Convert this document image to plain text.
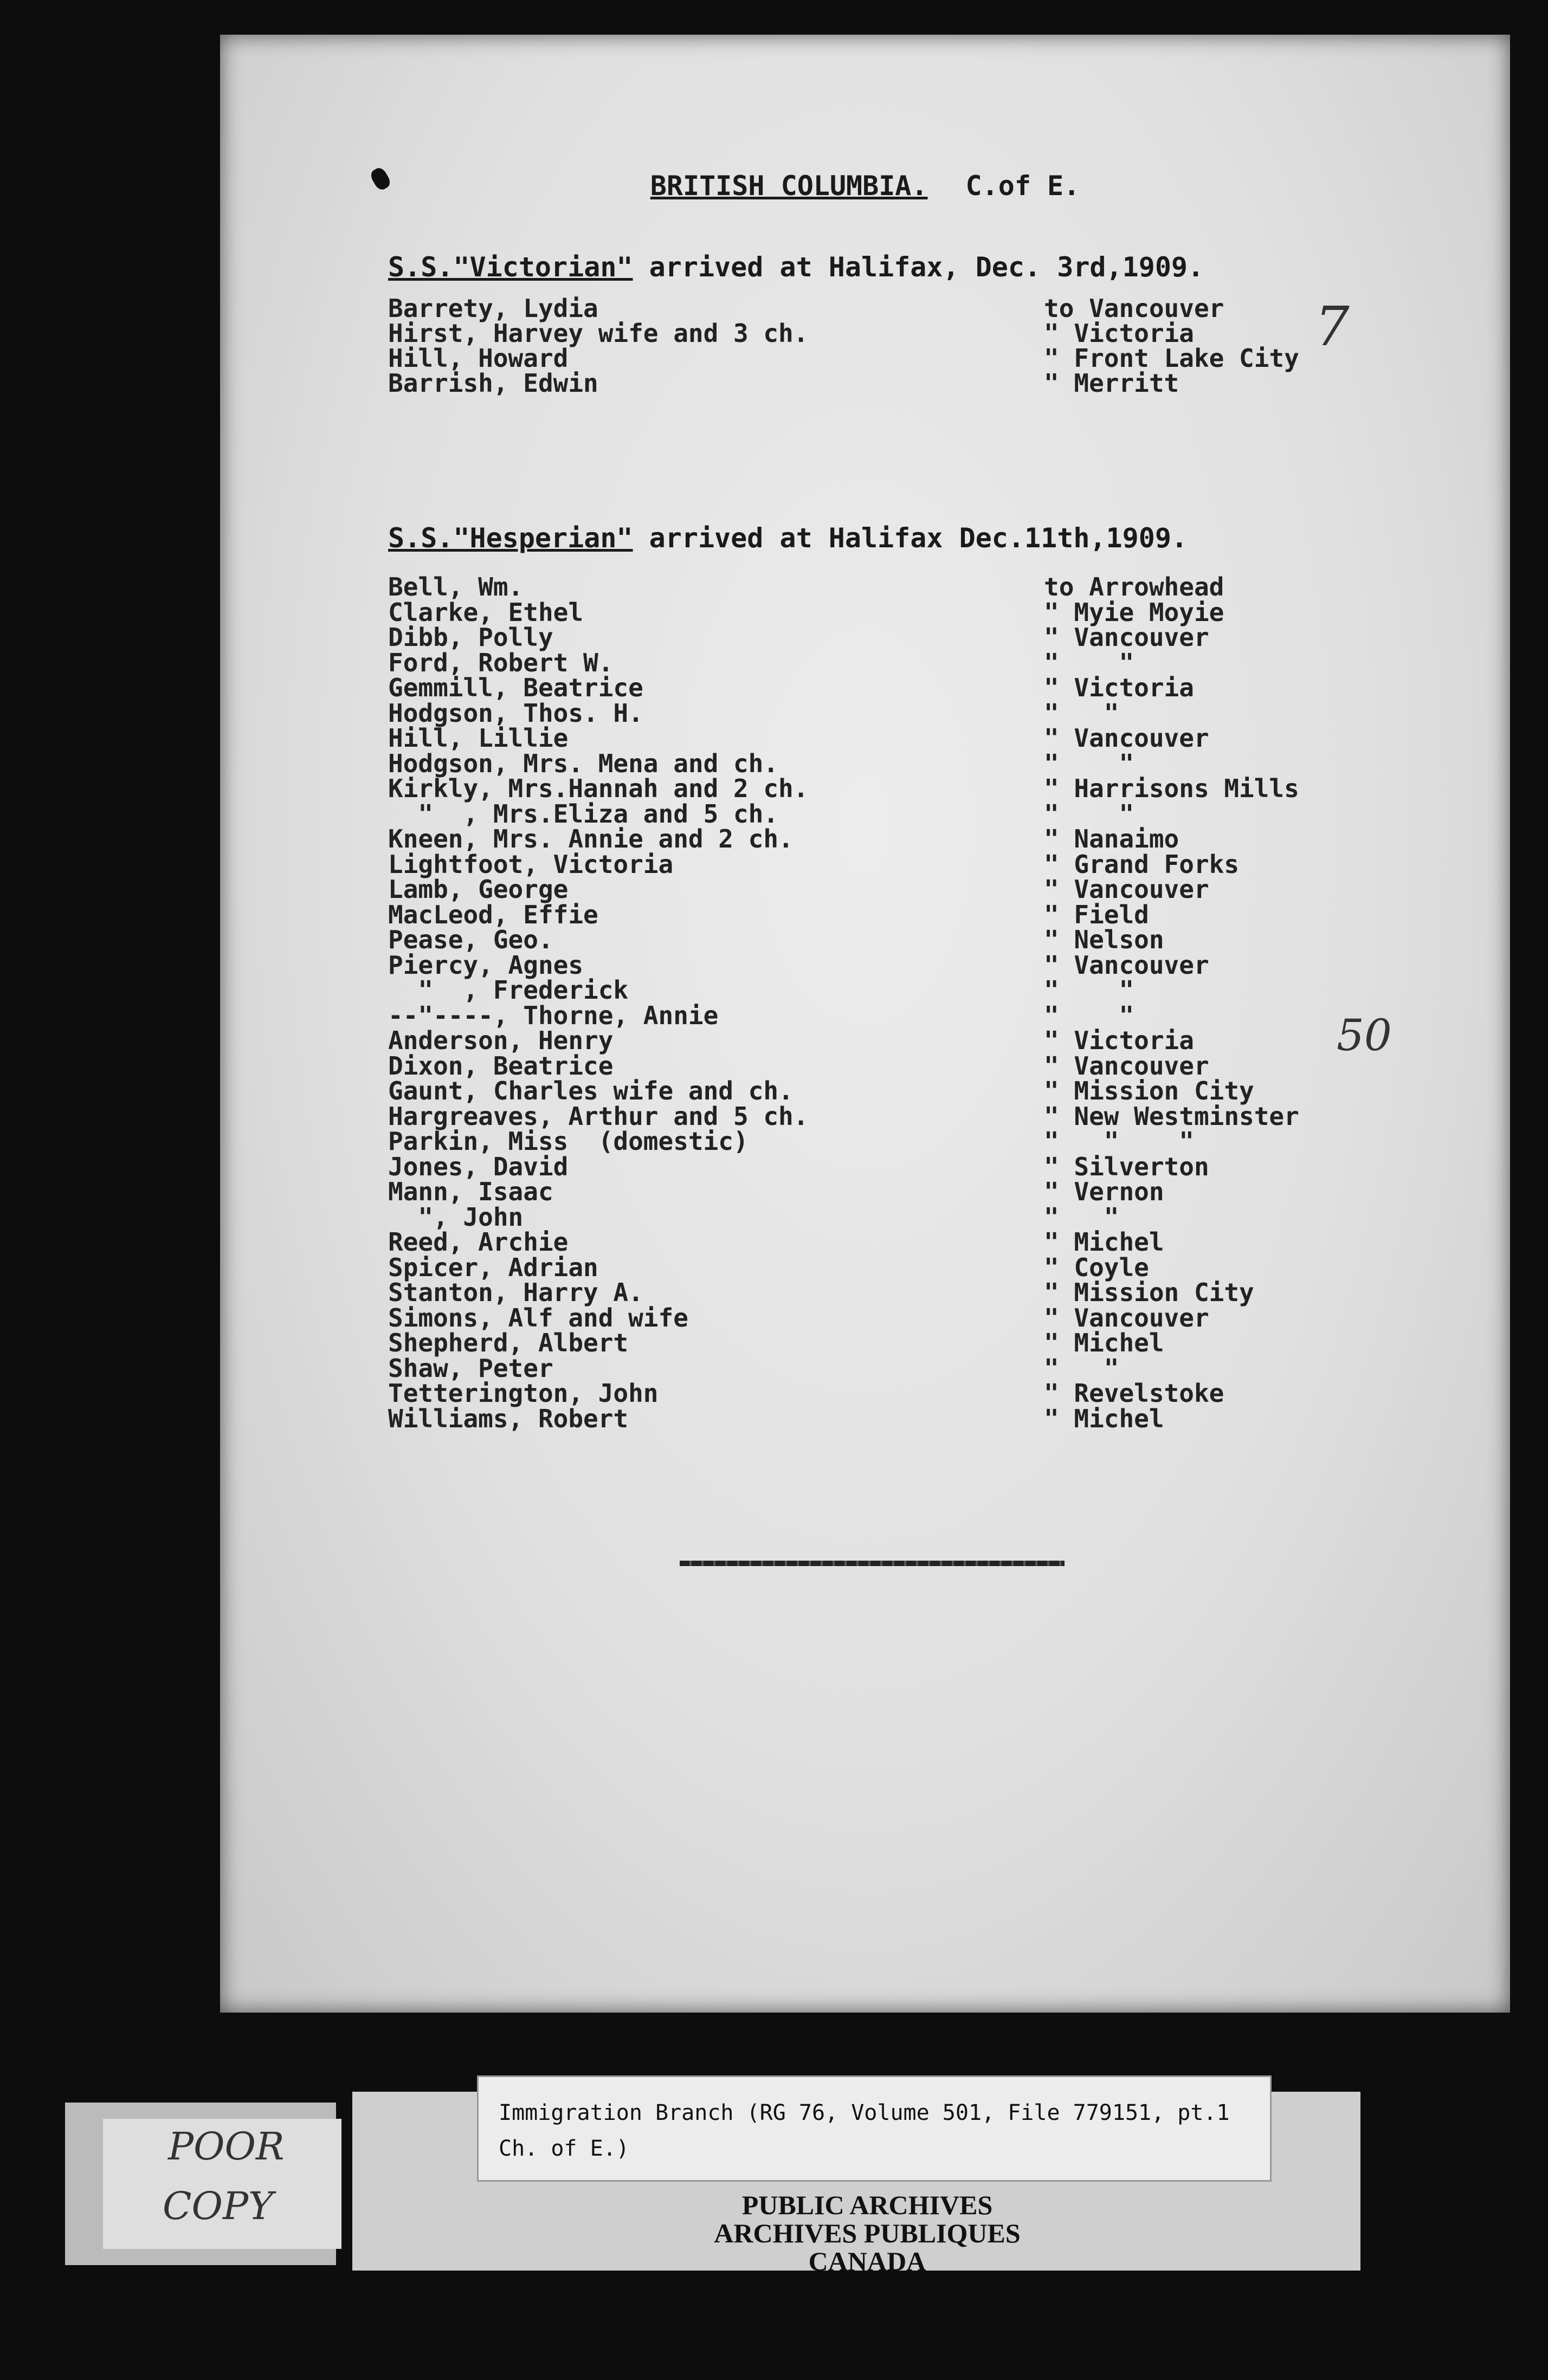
BRITISH COLUMBIA. C.of E.
S.S."Victorian" arrived at Halifax, Dec. 3rd,1909.
7
S.S."Hesperian" arrived at Halifax Dec.11th,1909.
50
Barrety, Lydia	to Vancouver
Hirst, Harvey wife and 3 ch.	" Victoria
Hill, Howard	" Front Lake City
Barrish, Edwin	" Merritt
Bell, Wm.	to Arrowhead
Clarke, Ethel	" Myie Moyie
Dibb, Polly	" Vancouver
Ford, Robert W.	"    "
Gemmill, Beatrice	" Victoria
Hodgson, Thos. H.	"   "
Hill, Lillie	" Vancouver
Hodgson, Mrs. Mena and ch.	"    "
Kirkly, Mrs.Hannah and 2 ch.	" Harrisons Mills
"  , Mrs.Eliza and 5 ch.	"    "
Kneen, Mrs. Annie and 2 ch.	" Nanaimo
Lightfoot, Victoria	" Grand Forks
Lamb, George	" Vancouver
MacLeod, Effie	" Field
Pease, Geo.	" Nelson
Piercy, Agnes	" Vancouver
"  , Frederick	"    "
--"----, Thorne, Annie	"    "
Anderson, Henry	" Victoria
Dixon, Beatrice	" Vancouver
Gaunt, Charles wife and ch.	" Mission City
Hargreaves, Arthur and 5 ch.	" New Westminster
Parkin, Miss  (domestic)	"   "    "
Jones, David	" Silverton
Mann, Isaac	" Vernon
", John	"   "
Reed, Archie	" Michel
Spicer, Adrian	" Coyle
Stanton, Harry A.	" Mission City
Simons, Alf and wife	" Vancouver
Shepherd, Albert	" Michel
Shaw, Peter	"   "
Tetterington, John	" Revelstoke
Williams, Robert	" Michel
POOR
COPY
Immigration Branch (RG 76, Volume 501, File 779151, pt.1
Ch. of E.)
PUBLIC ARCHIVES
ARCHIVES PUBLIQUES
CANADA
